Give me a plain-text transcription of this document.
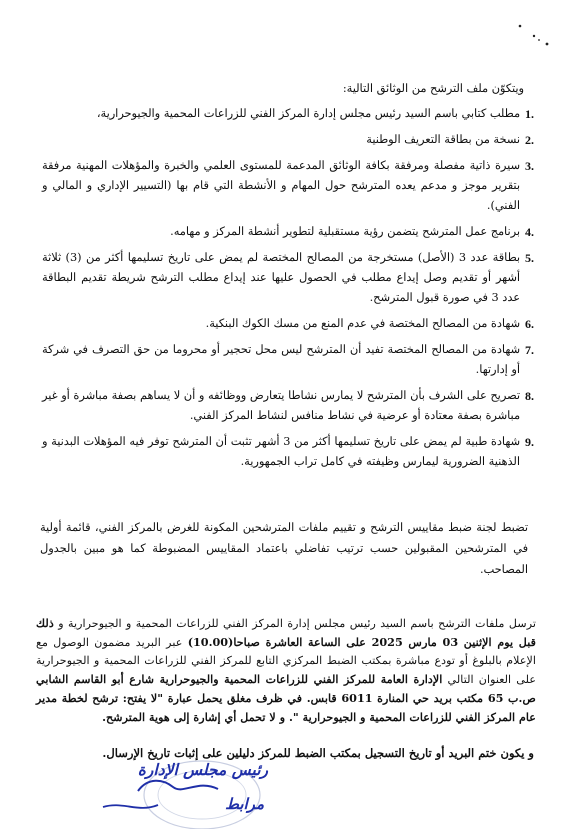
ويتكوّن ملف الترشح من الوثائق التالية:
.1
مطلب كتابي باسم السيد رئيس مجلس إدارة المركز الفني للزراعات المحمية والجيوحرارية،
.2
نسخة من بطاقة التعريف الوطنية
.3
سيرة ذاتية مفصلة ومرفقة بكافة الوثائق المدعمة للمستوى العلمي والخبرة والمؤهلات المهنية مرفقة بتقرير موجز و مدعم يعده المترشح حول المهام و الأنشطة التي قام بها (التسيير الإداري و المالي و الفني).
.4
برنامج عمل المترشح يتضمن رؤية مستقبلية لتطوير أنشطة المركز و مهامه.
.5
بطاقة عدد 3 (الأصل) مستخرجة من المصالح المختصة لم يمض على تاريخ تسليمها أكثر من (3) ثلاثة أشهر أو تقديم وصل إيداع مطلب في الحصول عليها عند إيداع مطلب الترشح شريطة تقديم البطاقة عدد 3 في صورة قبول المترشح.
.6
شهادة من المصالح المختصة في عدم المنع من مسك الكوك البنكية.
.7
شهادة من المصالح المختصة تفيد أن المترشح ليس محل تحجير أو محروما من حق التصرف في شركة أو إدارتها.
.8
تصريح على الشرف بأن المترشح لا يمارس نشاطا يتعارض ووظائفه و أن لا يساهم بصفة مباشرة أو غير مباشرة بصفة معتادة أو عرضية في نشاط منافس لنشاط المركز الفني.
.9
شهادة طبية لم يمض على تاريخ تسليمها أكثر من 3 أشهر تثبت أن المترشح توفر فيه المؤهلات البدنية و الذهنية الضرورية ليمارس وظيفته في كامل تراب الجمهورية.
تضبط لجنة ضبط مقاييس الترشح و تقييم ملفات المترشحين المكونة للغرض بالمركز الفني، قائمة أولية في المترشحين المقبولين حسب ترتيب تفاضلي باعتماد المقاييس المضبوطة كما هو مبين بالجدول المصاحب.
ترسل ملفات الترشح باسم السيد رئيس مجلس إدارة المركز الفني للزراعات المحمية و الجيوحرارية و ذلك قبل يوم الإثنين 03 مارس 2025 على الساعة العاشرة صباحا(10.00) عبر البريد مضمون الوصول مع الإعلام بالبلوغ أو تودع مباشرة بمكتب الضبط المركزي التابع للمركز الفني للزراعات المحمية و الجيوحرارية على العنوان التالي الإدارة العامة للمركز الفني للزراعات المحمية والجيوحرارية شارع أبو القاسم الشابي ص.ب 65 مكتب بريد حي المنارة 6011 قابس. في ظرف مغلق يحمل عبارة "لا يفتح: ترشح لخطة مدير عام المركز الفني للزراعات المحمية و الجيوحرارية ". و لا تحمل أي إشارة إلى هوية المترشح.
و يكون ختم البريد أو تاريخ التسجيل بمكتب الضبط للمركز دليلين على إثبات تاريخ الإرسال.
رئيس مجلس الإدارة
مرابط
